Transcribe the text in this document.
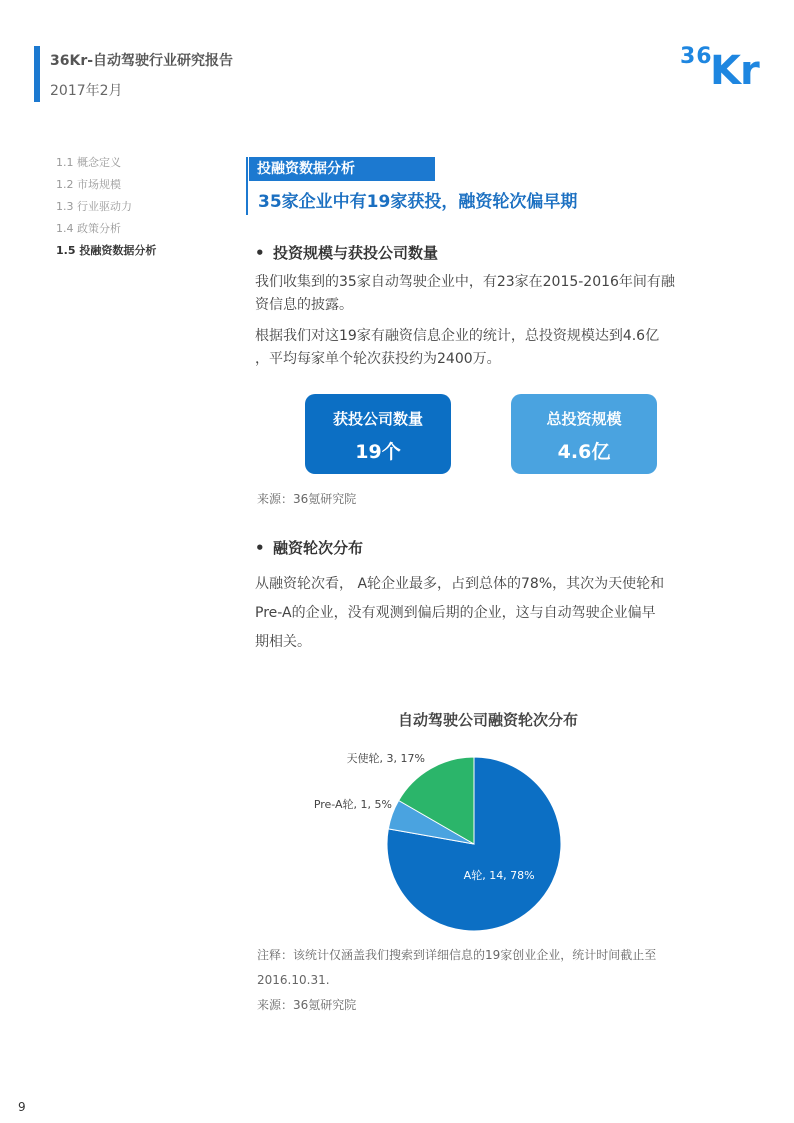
36Kr-自动驾驶行业研究报告
2017年2月
36
Kr
1.1 概念定义
1.2 市场规模
1.3 行业驱动力
1.4 政策分析
1.5 投融资数据分析
投融资数据分析
35家企业中有19家获投，融资轮次偏早期
• 投资规模与获投公司数量
我们收集到的35家自动驾驶企业中，有23家在2015-2016年间有融
资信息的披露。
根据我们对这19家有融资信息企业的统计，总投资规模达到4.6亿
，平均每家单个轮次获投约为2400万。
获投公司数量
19个
总投资规模
4.6亿
来源：36氪研究院
• 融资轮次分布
从融资轮次看， A轮企业最多，占到总体的78%，其次为天使轮和
Pre-A的企业，没有观测到偏后期的企业，这与自动驾驶企业偏早
期相关。
自动驾驶公司融资轮次分布
A轮, 14, 78%
Pre-A轮, 1, 5%
天使轮, 3, 17%
注释：该统计仅涵盖我们搜索到详细信息的19家创业企业，统计时间截止至
2016.10.31.
来源：36氪研究院
9
